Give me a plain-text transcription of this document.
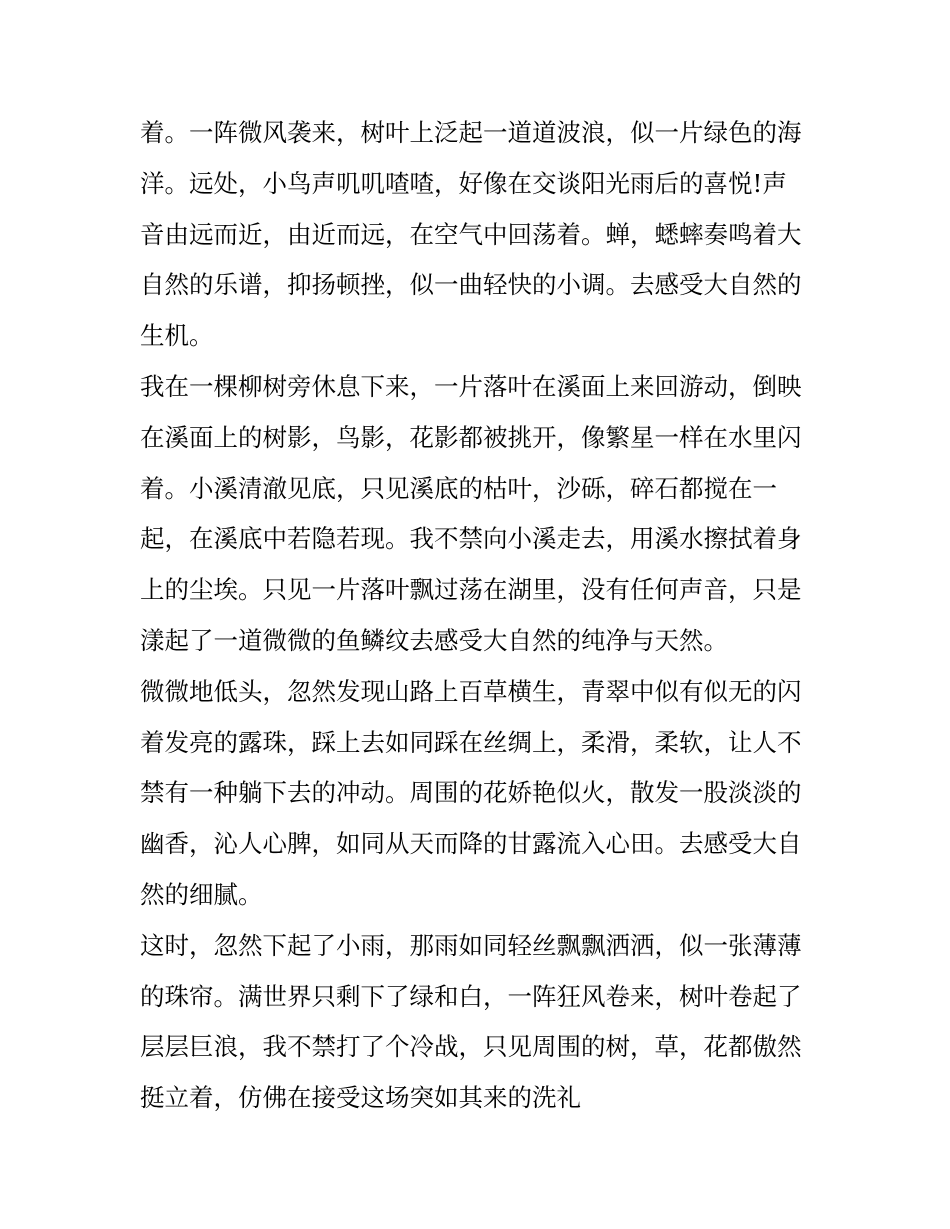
着。一阵微风袭来，树叶上泛起一道道波浪，似一片绿色的海
洋。远处，小鸟声叽叽喳喳，好像在交谈阳光雨后的喜悦!声
音由远而近，由近而远，在空气中回荡着。蝉，蟋蟀奏鸣着大
自然的乐谱，抑扬顿挫，似一曲轻快的小调。去感受大自然的
生机。
我在一棵柳树旁休息下来，一片落叶在溪面上来回游动，倒映
在溪面上的树影，鸟影，花影都被挑开，像繁星一样在水里闪
着。小溪清澈见底，只见溪底的枯叶，沙砾，碎石都搅在一
起，在溪底中若隐若现。我不禁向小溪走去，用溪水擦拭着身
上的尘埃。只见一片落叶飘过荡在湖里，没有任何声音，只是
漾起了一道微微的鱼鳞纹去感受大自然的纯净与天然。
微微地低头，忽然发现山路上百草横生，青翠中似有似无的闪
着发亮的露珠，踩上去如同踩在丝绸上，柔滑，柔软，让人不
禁有一种躺下去的冲动。周围的花娇艳似火，散发一股淡淡的
幽香，沁人心脾，如同从天而降的甘露流入心田。去感受大自
然的细腻。
这时，忽然下起了小雨，那雨如同轻丝飘飘洒洒，似一张薄薄
的珠帘。满世界只剩下了绿和白，一阵狂风卷来，树叶卷起了
层层巨浪，我不禁打了个冷战，只见周围的树，草，花都傲然
挺立着，仿佛在接受这场突如其来的洗礼
